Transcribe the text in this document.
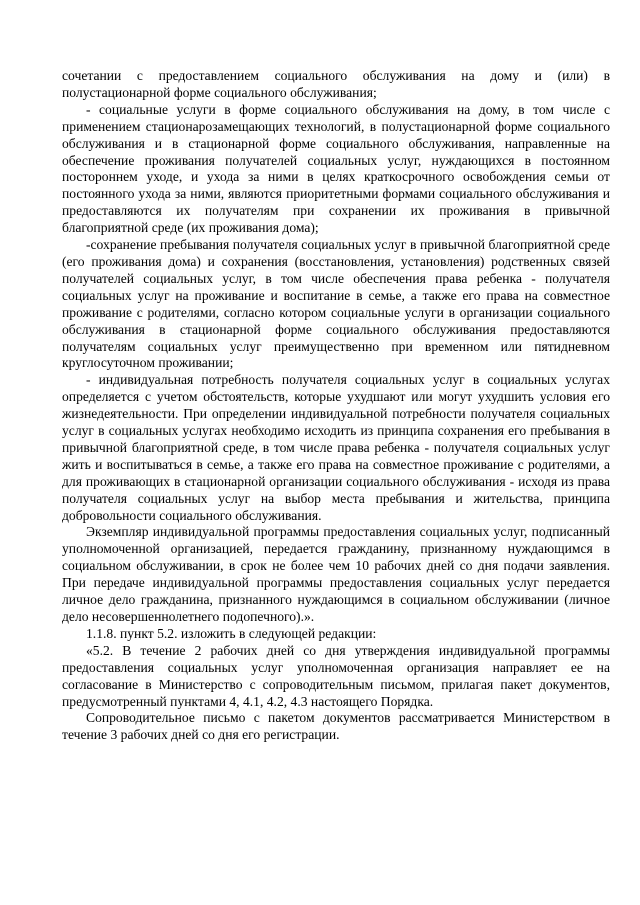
сочетании с предоставлением социального обслуживания на дому и (или) в полустационарной форме социального обслуживания;

- социальные услуги в форме социального обслуживания на дому, в том числе с применением стационарозамещающих технологий, в полустационарной форме социального обслуживания и в стационарной форме социального обслуживания, направленные на обеспечение проживания получателей социальных услуг, нуждающихся в постоянном постороннем уходе, и ухода за ними в целях краткосрочного освобождения семьи от постоянного ухода за ними, являются приоритетными формами социального обслуживания и предоставляются их получателям при сохранении их проживания в привычной благоприятной среде (их проживания дома);

-сохранение пребывания получателя социальных услуг в привычной благоприятной среде (его проживания дома) и сохранения (восстановления, установления) родственных связей получателей социальных услуг, в том числе обеспечения права ребенка - получателя социальных услуг на проживание и воспитание в семье, а также его права на совместное проживание с родителями, согласно котором социальные услуги в организации социального обслуживания в стационарной форме социального обслуживания предоставляются получателям социальных услуг преимущественно при временном или пятидневном круглосуточном проживании;

- индивидуальная потребность получателя социальных услуг в социальных услугах определяется с учетом обстоятельств, которые ухудшают или могут ухудшить условия его жизнедеятельности. При определении индивидуальной потребности получателя социальных услуг в социальных услугах необходимо исходить из принципа сохранения его пребывания в привычной благоприятной среде, в том числе права ребенка - получателя социальных услуг жить и воспитываться в семье, а также его права на совместное проживание с родителями, а для проживающих в стационарной организации социального обслуживания - исходя из права получателя социальных услуг на выбор места пребывания и жительства, принципа добровольности социального обслуживания.

Экземпляр индивидуальной программы предоставления социальных услуг, подписанный уполномоченной организацией, передается гражданину, признанному нуждающимся в социальном обслуживании, в срок не более чем 10 рабочих дней со дня подачи заявления. При передаче индивидуальной программы предоставления социальных услуг передается личное дело гражданина, признанного нуждающимся в социальном обслуживании (личное дело несовершеннолетнего подопечного).».

1.1.8. пункт 5.2. изложить в следующей редакции:

«5.2. В течение 2 рабочих дней со дня утверждения индивидуальной программы предоставления социальных услуг уполномоченная организация направляет ее на согласование в Министерство с сопроводительным письмом, прилагая пакет документов, предусмотренный пунктами 4, 4.1, 4.2, 4.3 настоящего Порядка.

Сопроводительное письмо с пакетом документов рассматривается Министерством в течение 3 рабочих дней со дня его регистрации.
